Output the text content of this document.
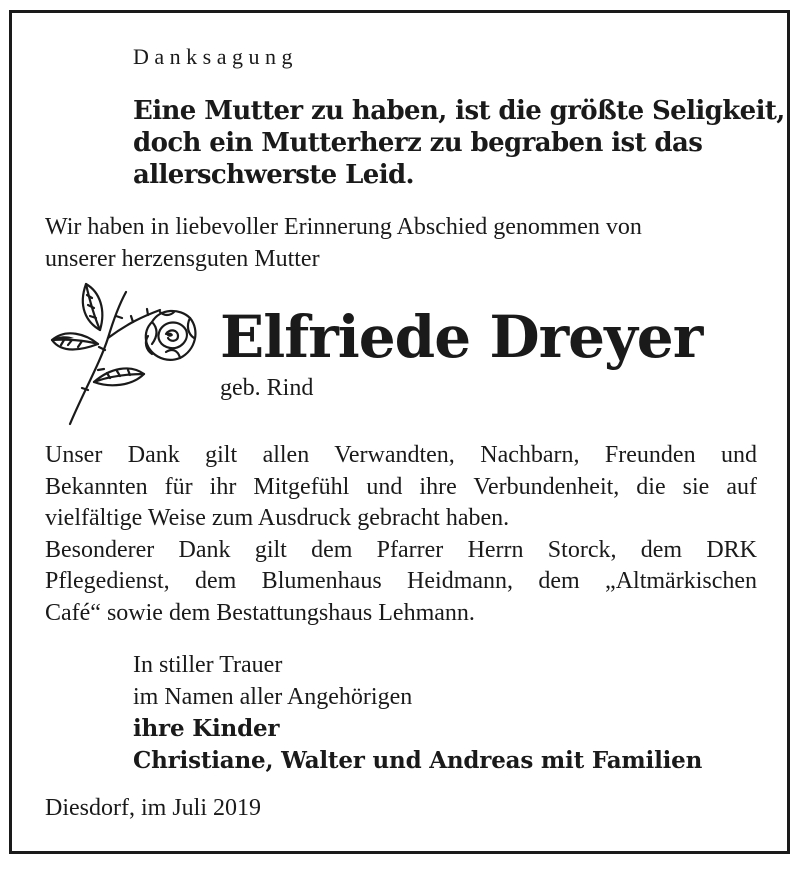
Danksagung
Eine Mutter zu haben, ist die größte Seligkeit,
doch ein Mutterherz zu begraben ist das
allerschwerste Leid.
Wir haben in liebevoller Erinnerung Abschied genommen von
unserer herzensguten Mutter
Elfriede Dreyer
geb. Rind
Unser Dank gilt allen Verwandten, Nachbarn, Freunden und
Bekannten für ihr Mitgefühl und ihre Verbundenheit, die sie auf
vielfältige Weise zum Ausdruck gebracht haben.
Besonderer Dank gilt dem Pfarrer Herrn Storck, dem DRK
Pflegedienst, dem Blumenhaus Heidmann, dem „Altmärkischen
Café“ sowie dem Bestattungshaus Lehmann.
In stiller Trauer
im Namen aller Angehörigen
ihre Kinder
Christiane, Walter und Andreas mit Familien
Diesdorf, im Juli 2019
